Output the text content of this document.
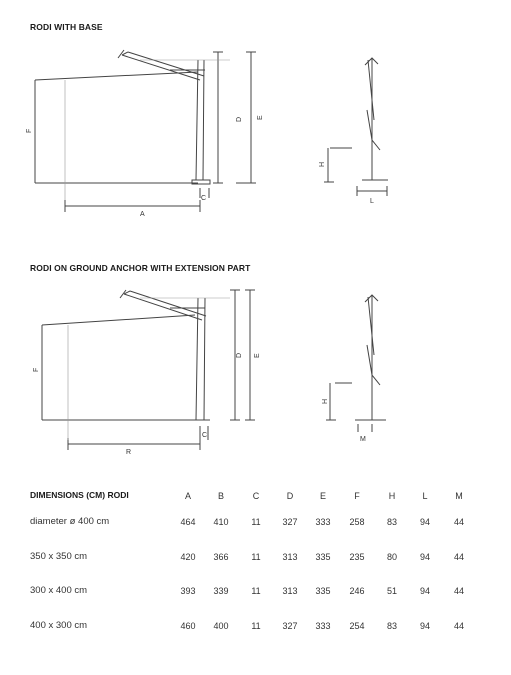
RODI WITH BASE
F
A
C
D E
H
L
RODI ON GROUND ANCHOR WITH EXTENSION PART
F
R
C
D E
H
M
DIMENSIONS (CM) RODI	A	B	C	D	E	F	H	L	M
diameter ø 400 cm	464	410	11	327	333	258	83	94	44
350 x 350 cm	420	366	11	313	335	235	80	94	44
300 x 400 cm	393	339	11	313	335	246	51	94	44
400 x 300 cm	460	400	11	327	333	254	83	94	44
